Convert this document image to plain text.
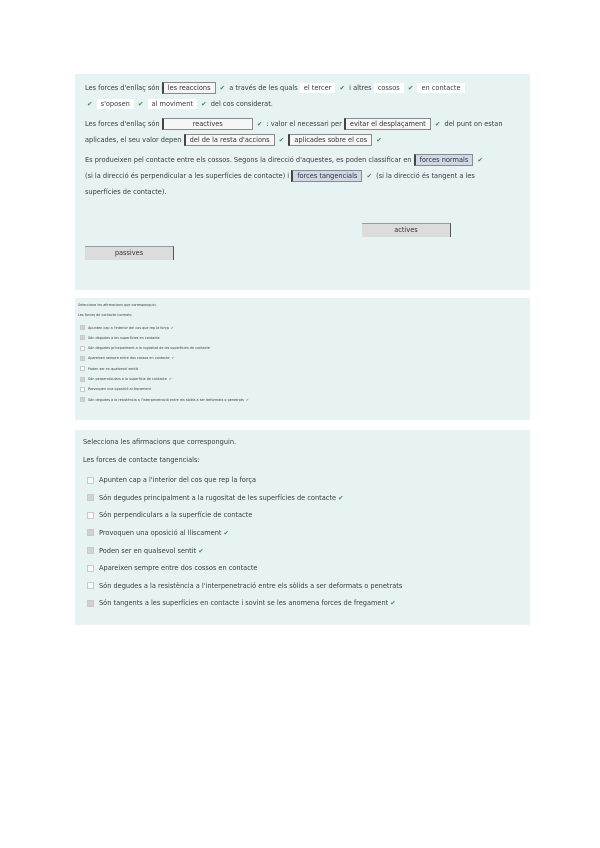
Les forces d'enllaç són les reaccions ✔ a través de les quals el tercer ✔ i altres cossos ✔ en contacte
✔ s'oposen ✔ al moviment ✔ del cos considerat.
Les forces d'enllaç són	reactives	✔ : valor el necessari per evitar el desplaçament ✔ del punt on estan
aplicades, el seu valor depen del de la resta d'accions ✔ aplicades sobre el cos ✔
Es produeixen pel contacte entre els cossos. Segons la direcció d'aquestes, es poden classificar en forces normals ✔
(si la direcció és perpendicular a les superfícies de contacte) i forces tangencials ✔ (si la direcció és tangent a les
superfícies de contacte).
actives
passives
Selecciona les afirmacions que corresponguin.
Les forces de contacte normals:
Apunten cap a l'interior del cos que rep la força ✔
Són degudes a les superfícies en contacte
Són degudes principalment a la rugositat de les superfícies de contacte
Apareixen sempre entre dos cossos en contacte ✔
Poden ser en qualsevol sentit
Són perpendiculars a la superfície de contacte ✔
Provoquen una oposició al lliscament
Són degudes a la resistència a l'interpenetració entre els sòlids a ser deformats o penetrats ✔
Selecciona les afirmacions que corresponguin.
Les forces de contacte tangencials:
Apunten cap a l'interior del cos que rep la força
Són degudes principalment a la rugositat de les superfícies de contacte ✔
Són perpendiculars a la superfície de contacte
Provoquen una oposició al lliscament ✔
Poden ser en qualsevol sentit ✔
Apareixen sempre entre dos cossos en contacte
Són degudes a la resistència a l'interpenetració entre els sòlids a ser deformats o penetrats
Són tangents a les superfícies en contacte i sovint se les anomena forces de fregament ✔
